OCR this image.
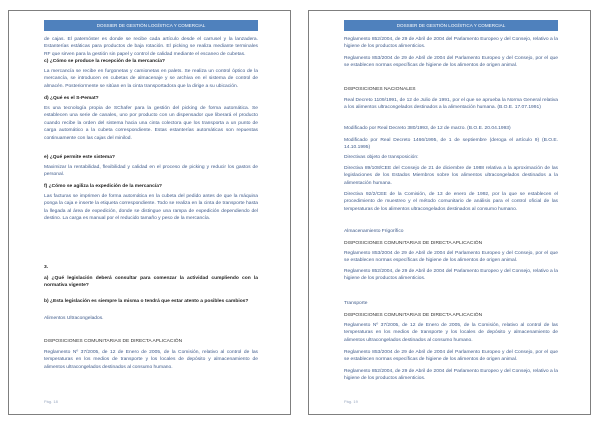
DOSSIER DE GESTIÓN LOGÍSTICA Y COMERCIAL
de cajas. El paternóster es donde se recibe cada artículo desde el carrusel y la lanzadera. Estanterías estáticas para productos de baja rotación. El picking se realiza mediante terminales RF que sirven para la gestión sin papel y control de calidad mediante el escaneo de cubetas.
c) ¿Cómo se produce la recepción de la mercancía?
La mercancía se recibe en furgonetas y camionetas en palets. Se realiza un control óptico de la mercancía, se introducen en cubetas de almacenaje y se archiva en el sistema de control de almacén. Posteriormente se sitúan en la cinta transportadora que la dirige a su ubicación.
d) ¿Qué es el S-Pemat?
Es una tecnología propia de SChafer para la gestión del picking de forma automática. Se establecen una serie de canales, uno por producto con un dispensador que liberará el producto cuando recibe la orden del sistema hacia una cinta colectora que los transporta a un punto de carga automático a la cubeta correspondiente. Estas estanterías automáticas son repuestas continuamente con las cajas del minilod.
e) ¿Qué permite este sistema?
Maximizar la rentabilidad, flexibilidad y calidad en el proceso de picking y reducir los gastos de personal.
f) ¿Cómo se agiliza la expedición de la mercancía?
Las facturas se imprimen de forma automática en la cubeta del pedido antes de que la máquina ponga la caja e inserte la etiqueta correspondiente. Todo se realiza en la cinta de transporte hasta la llegada al área de expedición, donde se distingue una rampa de expedición dependiendo del destino. La carga es manual por el reducido tamaño y peso de la mercancía.
3.
a) ¿Qué legislación deberá consultar para comenzar la actividad cumpliendo con la normativa vigente?
b) ¿Esta legislación es siempre la misma o tendrá que estar atento a posibles cambios?
Alimentos Ultracongelados.
DISPOSICIONES COMUNITARIAS DE DIRECTA APLICACIÓN
Reglamento Nº 37/2005, de 12 de Enero de 2005, de la Comisión, relativo al control de las temperaturas en los medios de transporte y los locales de depósito y almacenamiento de alimentos ultracongelados destinados al consumo humano.
Pág. 18
DOSSIER DE GESTIÓN LOGÍSTICA Y COMERCIAL
Reglamento 852/2004, de 29 de Abril de 2004 del Parlamento Europeo y del Consejo, relativo a la higiene de los productos alimenticios.
Reglamento 853/2004 de 29 de Abril de 2004 del Parlamento Europeo y del Consejo, por el que se establecen normas específicas de higiene de los alimentos de origen animal.
DISPOSICIONES NACIONALES
Real Decreto 1109/1991, de 12 de Julio de 1991, por el que se aprueba la Norma General relativa a los alimentos ultracongelados destinados a la alimentación humana. (B.O.E. 17.07.1991)
Modificado por Real Decreto 380/1993, de 12 de marzo. (B.O.E. 20.04.1993)
Modificado por Real Decreto 1466/1995, de 1 de septiembre (deroga el artículo 9) (B.O.E. 14.10.1995)
Directivas objeto de transposición:
Directiva 89/108/CEE del Consejo de 21 de diciembre de 1988 relativa a la aproximación de las legislaciones de los Estados Miembros sobre los alimentos ultracongelados destinados a la alimentación humana.
Directiva 92/2/CEE de la Comisión, de 13 de enero de 1992, por la que se establecen el procedimiento de muestreo y el método comunitario de análisis para el control oficial de las temperaturas de los alimentos ultracongelados destinados al consumo humano.
Almacenamiento Frigorífico
DISPOSICIONES COMUNITARIAS DE DIRECTA APLICACIÓN
Reglamento 853/2004 de 29 de Abril de 2004 del Parlamento Europeo y del Consejo, por el que se establecen normas específicas de higiene de los alimentos de origen animal.
Reglamento 852/2004, de 29 de Abril de 2004 del Parlamento Europeo y del Consejo, relativo a la higiene de los productos alimenticios.
Transporte
DISPOSICIONES COMUNITARIAS DE DIRECTA APLICACIÓN
Reglamento Nº 37/2005, de 12 de Enero de 2005, de la Comisión, relativo al control de las temperaturas en los medios de transporte y los locales de depósito y almacenamiento de alimentos ultracongelados destinados al consumo humano.
Reglamento 853/2004 de 29 de Abril de 2004 del Parlamento Europeo y del Consejo, por el que se establecen normas específicas de higiene de los alimentos de origen animal.
Reglamento 852/2004, de 29 de Abril de 2004 del Parlamento Europeo y del Consejo, relativo a la higiene de los productos alimenticios.
Pág. 19
